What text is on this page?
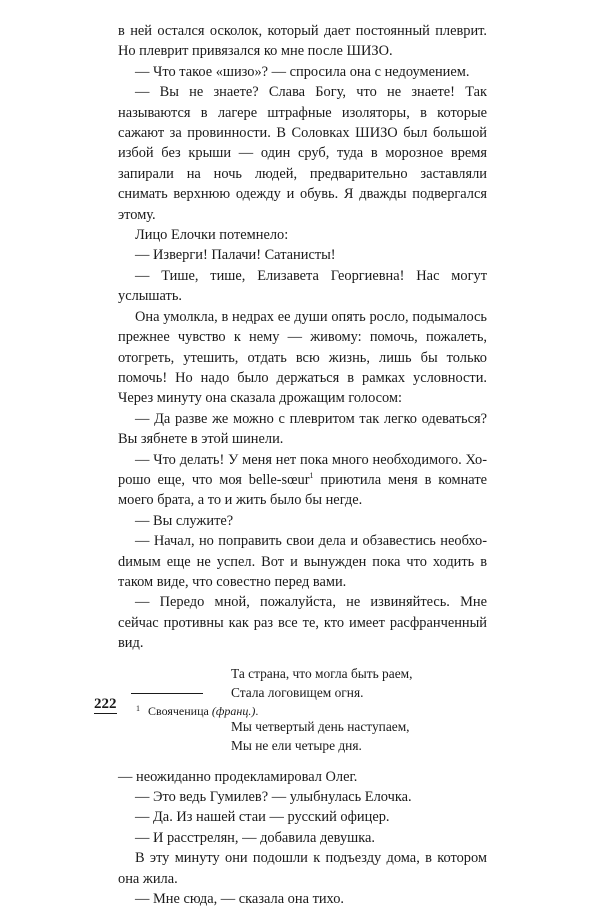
в ней остался осколок, который дает постоянный плеврит. Но плеврит привязался ко мне после ШИЗО.

— Что такое «шизо»? — спросила она с недоумением.

— Вы не знаете? Слава Богу, что не знаете! Так называются в лагере штрафные изоляторы, в которые сажают за провинности. В Соловках ШИЗО был большой избой без крыши — один сруб, туда в морозное время запирали на ночь людей, предварительно заставляли снимать верхнюю одежду и обувь. Я дважды подвергался этому.

Лицо Елочки потемнело:

— Изверги! Палачи! Сатанисты!

— Тише, тише, Елизавета Георгиевна! Нас могут услышать.

Она умолкла, в недрах ее души опять росло, подымалось прежнее чувство к нему — живому: помочь, пожалеть, отогреть, утешить, отдать всю жизнь, лишь бы только помочь! Но надо было держаться в рамках условности. Через минуту она сказала дрожащим голосом:

— Да разве же можно с плевритом так легко одеваться? Вы зябнете в этой шинели.

— Что делать! У меня нет пока много необходимого. Хорошо еще, что моя belle-sœur$^1$ приютила меня в комнате моего брата, а то и жить было бы негде.

— Вы служите?

— Начал, но поправить свои дела и обзавестись необхоdимым еще не успел. Вот и вынужден пока что ходить в таком виде, что совестно перед вами.

— Передо мной, пожалуйста, не извиняйтесь. Мне сейчас противны как раз все те, кто имеет расфранченный вид.

Та страна, что могла быть раем,
Стала логовищем огня.
Мы четвертый день наступаем,
Мы не ели четыре дня.

— неожиданно продекламировал Олег.

— Это ведь Гумилев? — улыбнулась Елочка.

— Да. Из нашей стаи — русский офицер.

— И расстрелян, — добавила девушка.

В эту минуту они подошли к подъезду дома, в котором она жила.

— Мне сюда, — сказала она тихо.

222 $^1$ Свояченица (франц.).
